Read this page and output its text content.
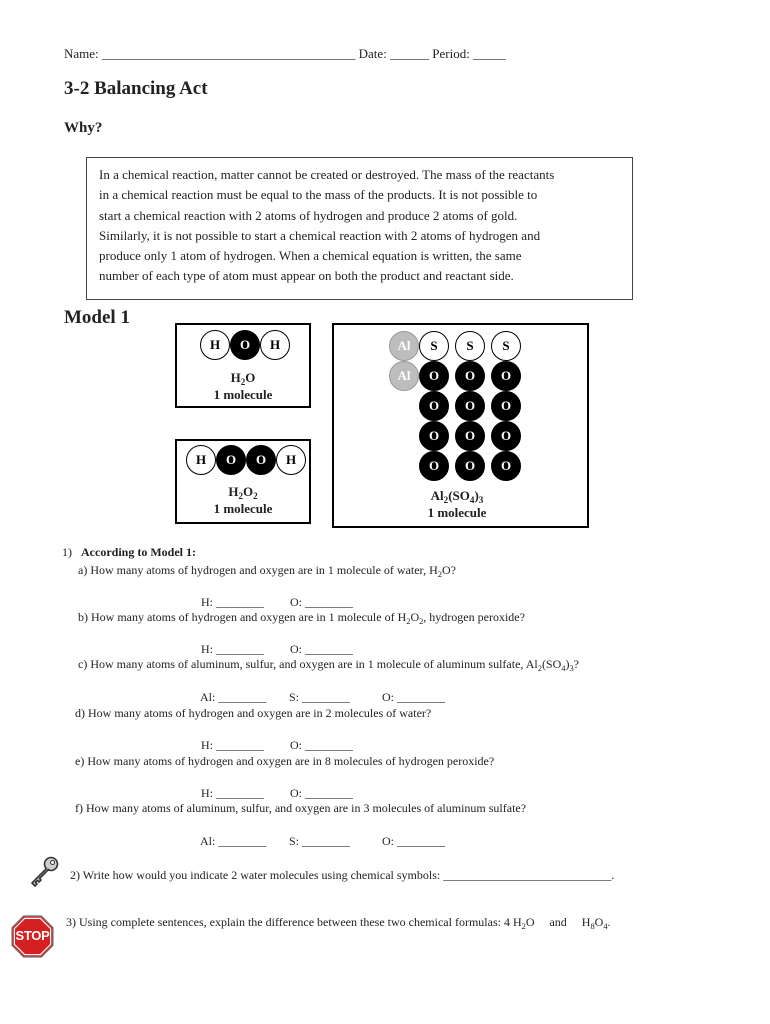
Name: _______________________________________ Date: ______ Period: _____
3-2 Balancing Act
Why?
In a chemical reaction, matter cannot be created or destroyed. The mass of the reactants
in a chemical reaction must be equal to the mass of the products. It is not possible to
start a chemical reaction with 2 atoms of hydrogen and produce 2 atoms of gold.
Similarly, it is not possible to start a chemical reaction with 2 atoms of hydrogen and
produce only 1 atom of hydrogen. When a chemical equation is written, the same
number of each type of atom must appear on both the product and reactant side.
Model 1
H	O	H
$H_2O$
1 molecule
H	O	O	H
$H_2O_2$
1 molecule
Al	S	S	S
Al	O	O	O
O	O	O
O	O	O
O	O	O
$Al_2(SO_4)_3$
1 molecule
1) According to Model 1:
a) How many atoms of hydrogen and oxygen are in 1 molecule of water, $H_2O$?
H: ________ O: ________
b) How many atoms of hydrogen and oxygen are in 1 molecule of $H_2O_2$, hydrogen peroxide?
H: ________ O: ________
c) How many atoms of aluminum, sulfur, and oxygen are in 1 molecule of aluminum sulfate, $Al_2(SO_4)_3$?
Al: ________ S: ________	O: ________
d) How many atoms of hydrogen and oxygen are in 2 molecules of water?
H: ________ O: ________
e) How many atoms of hydrogen and oxygen are in 8 molecules of hydrogen peroxide?
H: ________ O: ________
f) How many atoms of aluminum, sulfur, and oxygen are in 3 molecules of aluminum sulfate?
Al: ________ S: ________	O: ________
2) Write how would you indicate 2 water molecules using chemical symbols: ____________________________.
STOP
3) Using complete sentences, explain the difference between these two chemical formulas: 4 $H_2O$     and     $H_8O_4$.
